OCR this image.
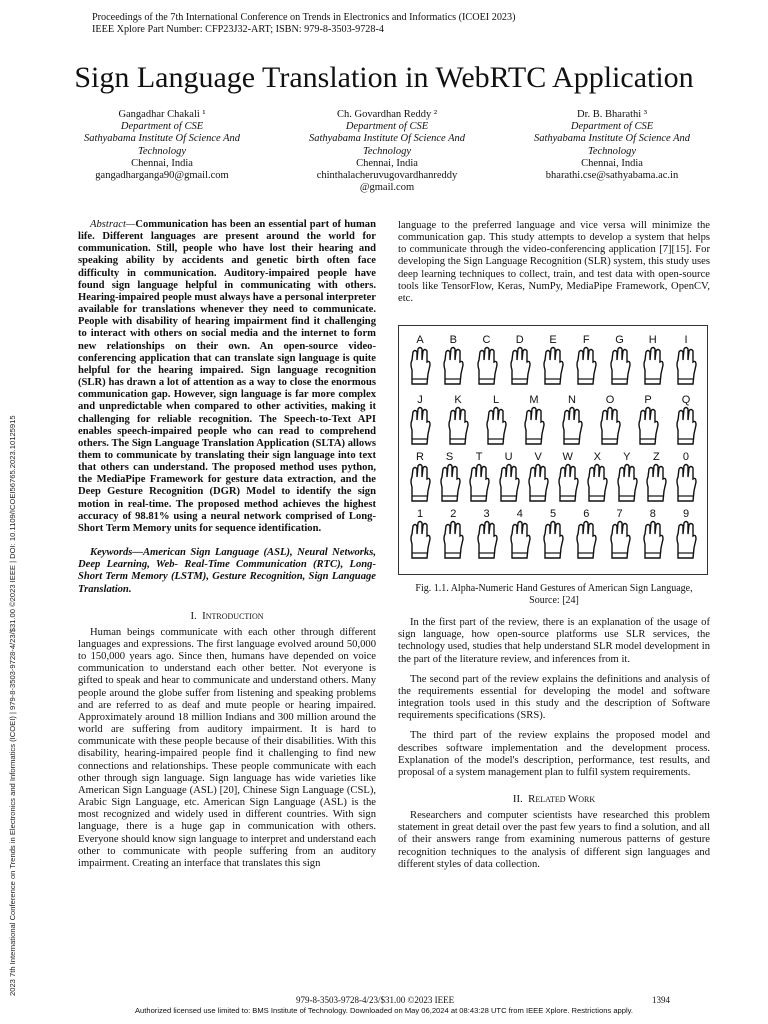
Proceedings of the 7th International Conference on Trends in Electronics and Informatics (ICOEI 2023)
IEEE Xplore Part Number: CFP23J32-ART; ISBN: 979-8-3503-9728-4
Sign Language Translation in WebRTC Application
Gangadhar Chakali ¹
Department of CSE
Sathyabama Institute Of Science And
Technology
Chennai, India
gangadharganga90@gmail.com
Ch. Govardhan Reddy ²
Department of CSE
Sathyabama Institute Of Science And
Technology
Chennai, India
chinthalacheruvugovardhanreddy
@gmail.com
Dr. B. Bharathi ³
Department of CSE
Sathyabama Institute Of Science And
Technology
Chennai, India
bharathi.cse@sathyabama.ac.in

Abstract—Communication has been an essential part of human life. Different languages are present around the world for communication. Still, people who have lost their hearing and speaking ability by accidents and genetic birth often face difficulty in communication. Auditory-impaired people have found sign language helpful in communicating with others. Hearing-impaired people must always have a personal interpreter available for translations whenever they need to communicate. People with disability of hearing impairment find it challenging to interact with others on social media and the internet to form new relationships on their own. An open-source video-conferencing application that can translate sign language is quite helpful for the hearing impaired. Sign language recognition (SLR) has drawn a lot of attention as a way to close the enormous communication gap. However, sign language is far more complex and unpredictable when compared to other activities, making it challenging for reliable recognition. The Speech-to-Text API enables speech-impaired people who can read to comprehend others. The Sign Language Translation Application (SLTA) allows them to communicate by translating their sign language into text that others can understand. The proposed method uses python, the MediaPipe Framework for gesture data extraction, and the Deep Gesture Recognition (DGR) Model to identify the sign motion in real-time. The proposed method achieves the highest accuracy of 98.81% using a neural network comprised of Long-Short Term Memory units for sequence identification.

Keywords—American Sign Language (ASL), Neural Networks, Deep Learning, Web- Real-Time Communication (RTC), Long-Short Term Memory (LSTM), Gesture Recognition, Sign Language Translation.

I. Introduction

Human beings communicate with each other through different languages and expressions. The first language evolved around 50,000 to 150,000 years ago. Since then, humans have depended on voice communication to understand each other better. Not everyone is gifted to speak and hear to communicate and understand others. Many people around the globe suffer from listening and speaking problems and are referred to as deaf and mute people or hearing impaired. Approximately around 18 million Indians and 300 million around the world are suffering from auditory impairment. It is hard to communicate with these people because of their disabilities. With this disability, hearing-impaired people find it challenging to find new connections and relationships. These people communicate with each other through sign language. Sign language has wide varieties like American Sign Language (ASL) [20], Chinese Sign Language (CSL), Arabic Sign Language, etc. American Sign Language (ASL) is the most recognized and widely used in different countries. With sign language, there is a huge gap in communication with others. Everyone should know sign language to interpret and understand each other to communicate with people suffering from an auditory impairment. Creating an interface that translates this sign

language to the preferred language and vice versa will minimize the communication gap. This study attempts to develop a system that helps to communicate through the video-conferencing application [7][15]. For developing the Sign Language Recognition (SLR) system, this study uses deep learning techniques to collect, train, and test data with open-source tools like TensorFlow, Keras, NumPy, MediaPipe Framework, OpenCV, etc.

A B C D E F G H	I
J	K	L	M	N	O	P	Q
R S T U V W X Y Z 0
1 2 3 4 5 6 7 8 9
Fig. 1.1. Alpha-Numeric Hand Gestures of American Sign Language,
Source: [24]

In the first part of the review, there is an explanation of the usage of sign language, how open-source platforms use SLR services, the technology used, studies that help understand SLR model development in the part of the literature review, and inferences from it.

The second part of the review explains the definitions and analysis of the requirements essential for developing the model and software integration tools used in this study and the description of Software requirements specifications (SRS).

The third part of the review explains the proposed model and describes software implementation and the development process. Explanation of the model's description, performance, test results, and proposal of a system management plan to fulfil system requirements.

II. Related Work

Researchers and computer scientists have researched this problem statement in great detail over the past few years to find a solution, and all of their answers range from examining numerous patterns of gesture recognition techniques to the analysis of different sign languages and different styles of data collection.

979-8-3503-9728-4/23/$31.00 ©2023 IEEE	1394
Authorized licensed use limited to: BMS Institute of Technology. Downloaded on May 06,2024 at 08:43:28 UTC from IEEE Xplore. Restrictions apply.
2023 7th International Conference on Trends in Electronics and Informatics (ICOEI) | 979-8-3503-9728-4/23/$31.00 ©2023 IEEE | DOI: 10.1109/ICOEI56765.2023.10125915
